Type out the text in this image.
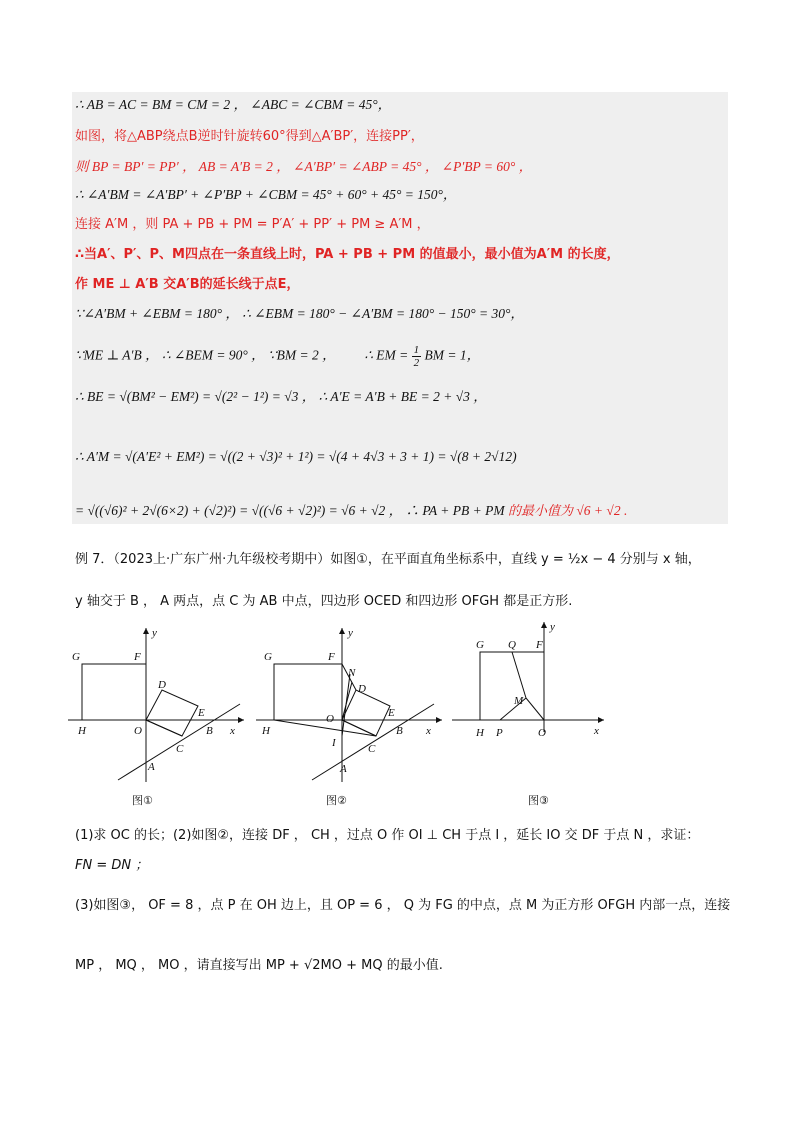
∴ AB = AC = BM = CM = 2 ， ∠ABC = ∠CBM = 45°，
如图，将△ABP绕点B逆时针旋转60°得到△A′BP′，连接PP′，
则 BP = BP′ = PP′ ， AB = A′B = 2 ， ∠A′BP′ = ∠ABP = 45° ， ∠P′BP = 60° ，
∴ ∠A′BM = ∠A′BP′ + ∠P′BP + ∠CBM = 45° + 60° + 45° = 150°，
连接 A′M ，则 PA + PB + PM = P′A′ + PP′ + PM ≥ A′M ，
∴当A′、P′、P、M四点在一条直线上时，PA + PB + PM 的值最小，最小值为A′M 的长度，
作 ME ⊥ A′B 交A′B的延长线于点E，
∵∠A′BM + ∠EBM = 180° ， ∴ ∠EBM = 180° − ∠A′BM = 180° − 150° = 30°，
∵ME ⊥ A′B ， ∴ ∠BEM = 90° ， ∵BM = 2 ， ∴ EM = $\frac{1}{2}$ BM = 1，
∴ BE = √(BM² − EM²) = √(2² − 1²) = √3 ， ∴ A′E = A′B + BE = 2 + √3 ，
∴ A′M = √(A′E² + EM²) = √((2 + √3)² + 1²) = √(4 + 4√3 + 3 + 1) = √(8 + 2√12)
= √((√6)² + 2√(6×2) + (√2)²) = √((√6 + √2)²) = √6 + √2 ， ∴ PA + PB + PM 的最小值为 √6 + √2 .
例 7．（2023上·广东广州·九年级校考期中）如图①，在平面直角坐标系中，直线 y = ½x − 4 分别与 x 轴，
y 轴交于 B ， A 两点，点 C 为 AB 中点，四边形 OCED 和四边形 OFGH 都是正方形.
G	F
H	O
D
E
C
B
A
x
y
图①
G	F
H
O
N
D
E
I	C
B
A
x
y
图②
G Q F
M
H P	O	x
y
图③
(1)求 OC 的长；(2)如图②，连接 DF ， CH ，过点 O 作 OI ⊥ CH 于点 I ，延长 IO 交 DF 于点 N ，求证：
FN = DN ；
(3)如图③， OF = 8 ，点 P 在 OH 边上，且 OP = 6 ， Q 为 FG 的中点，点 M 为正方形 OFGH 内部一点，连接
MP ， MQ ， MO ，请直接写出 MP + √2MO + MQ 的最小值.
